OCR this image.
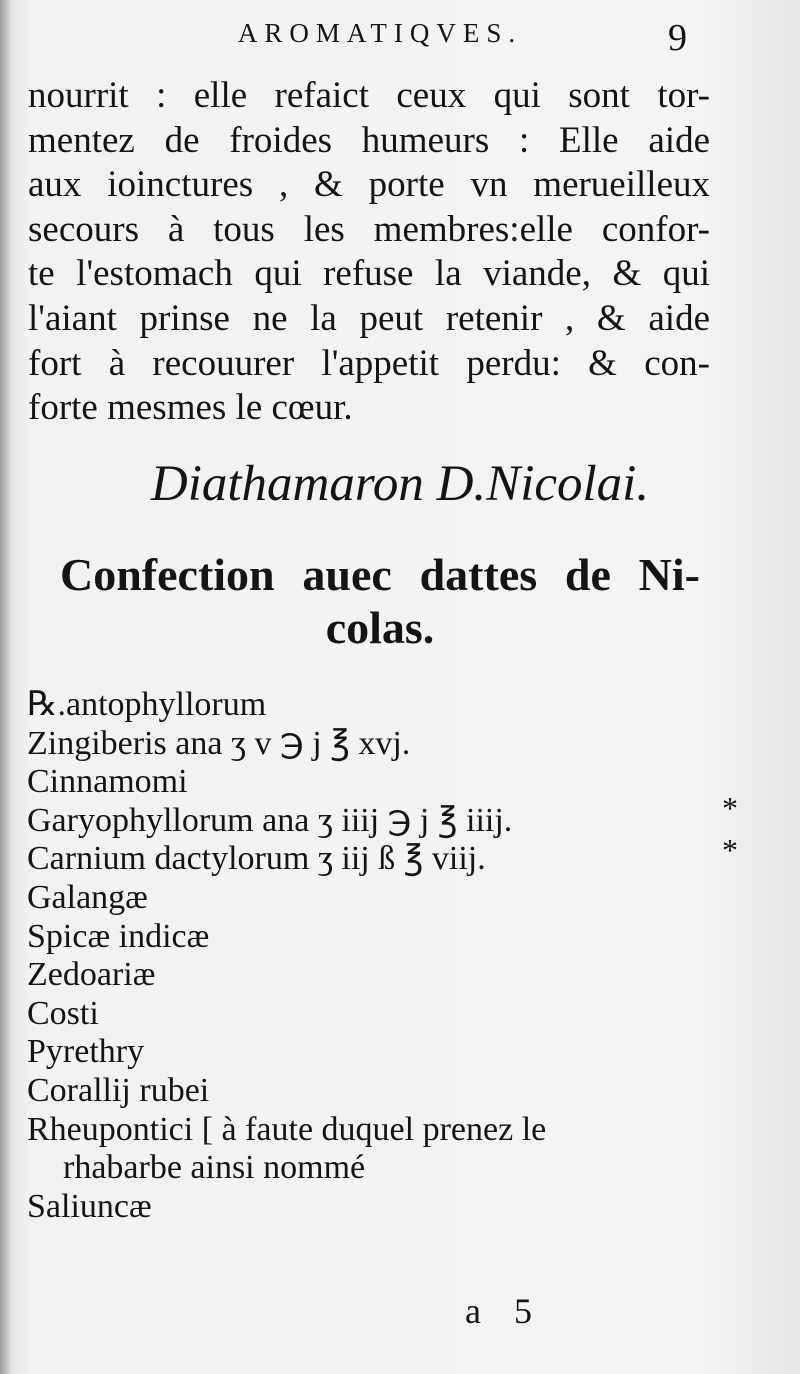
AROMATIQVES.	9
nourrit : elle refaict ceux qui sont tor-
mentez de froides humeurs : Elle aide
aux ioinctures , & porte vn merueilleux
secours à tous les membres:elle confor-
te l'estomach qui refuse la viande, & qui
l'aiant prinse ne la peut retenir , & aide
fort à recouurer l'appetit perdu: & con-
forte mesmes le cœur.
Diathamaron D.Nicolai.
Confection auec dattes de Ni-
colas.
℞.antophyllorum
Zingiberis ana ʒ v ℈ j ℥ xvj.
Cinnamomi
Garyophyllorum ana ʒ iiij ℈ j ℥ iiij.
Carnium dactylorum ʒ iij ß ℥ viij.
Galangæ
Spicæ indicæ
Zedoariæ
Costi
Pyrethry
Corallij rubei
Rheupontici [ à faute duquel prenez le
rhabarbe ainsi nommé
Saliuncæ
*
*
a 5
